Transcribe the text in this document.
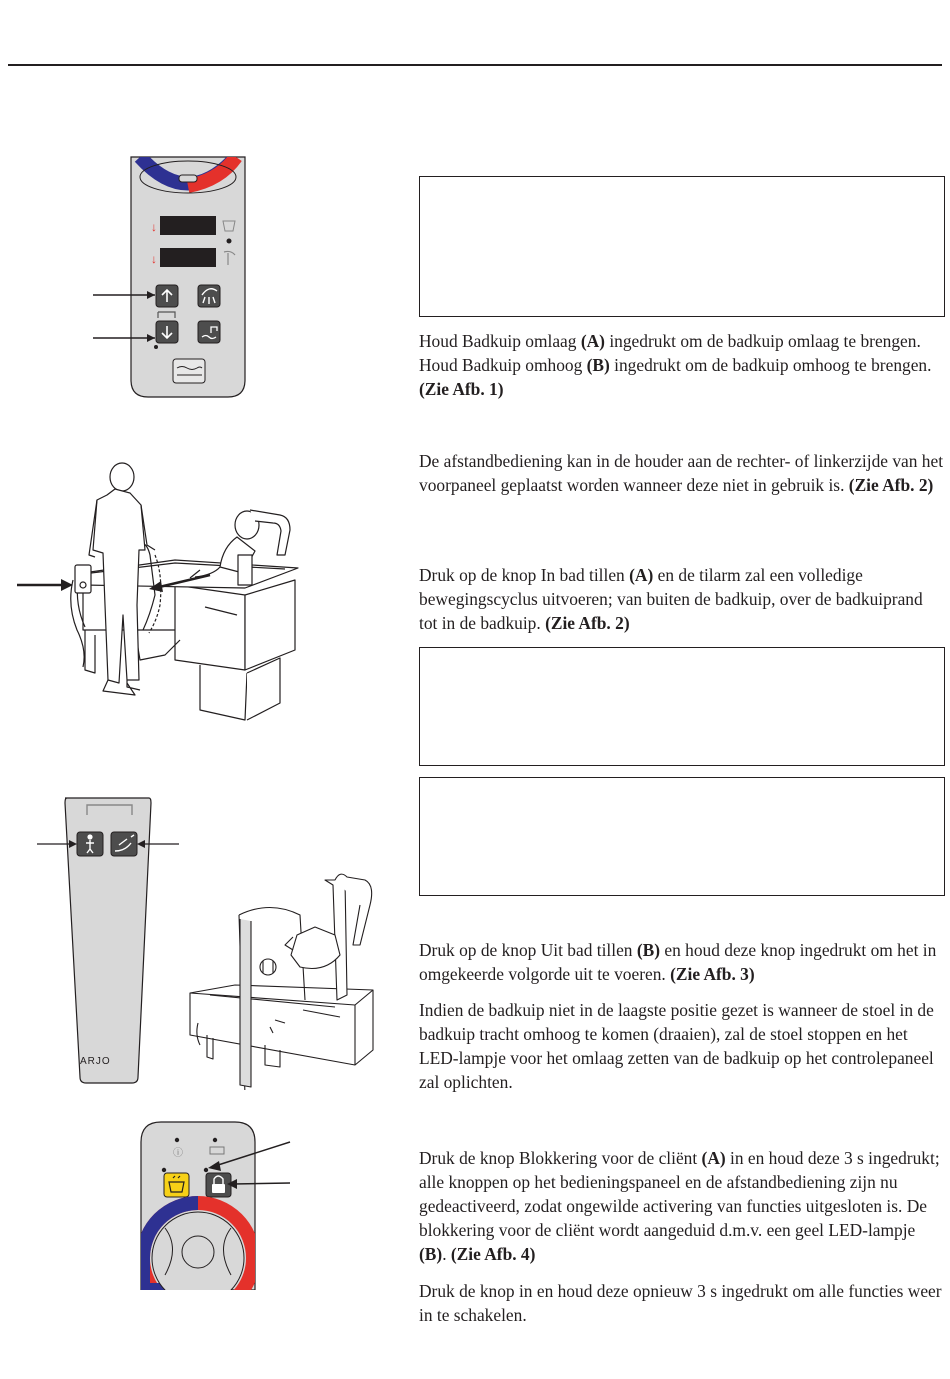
↓
↓
ARJO
ⓘ

Houd Badkuip omlaag (A) ingedrukt om de badkuip omlaag te brengen. Houd Badkuip omhoog (B) ingedrukt om de badkuip omhoog te brengen. (Zie Afb. 1)

De afstandbediening kan in de houder aan de rechter- of linkerzijde van het voorpaneel geplaatst worden wanneer deze niet in gebruik is. (Zie Afb. 2)

Druk op de knop In bad tillen (A) en de tilarm zal een volledige bewegingscyclus uitvoeren; van buiten de badkuip, over de badkuiprand tot in de badkuip. (Zie Afb. 2)

Druk op de knop Uit bad tillen (B) en houd deze knop ingedrukt om het in omgekeerde volgorde uit te voeren. (Zie Afb. 3)

Indien de badkuip niet in de laagste positie gezet is wanneer de stoel in de badkuip tracht omhoog te komen (draaien), zal de stoel stoppen en het LED-lampje voor het omlaag zetten van de badkuip op het controlepaneel zal oplichten.

Druk de knop Blokkering voor de cliënt (A) in en houd deze 3 s ingedrukt; alle knoppen op het bedieningspaneel en de afstandbediening zijn nu gedeactiveerd, zodat ongewilde activering van functies uitgesloten is. De blokkering voor de cliënt wordt aangeduid d.m.v. een geel LED-lampje (B). (Zie Afb. 4)

Druk de knop in en houd deze opnieuw 3 s ingedrukt om alle functies weer in te schakelen.
